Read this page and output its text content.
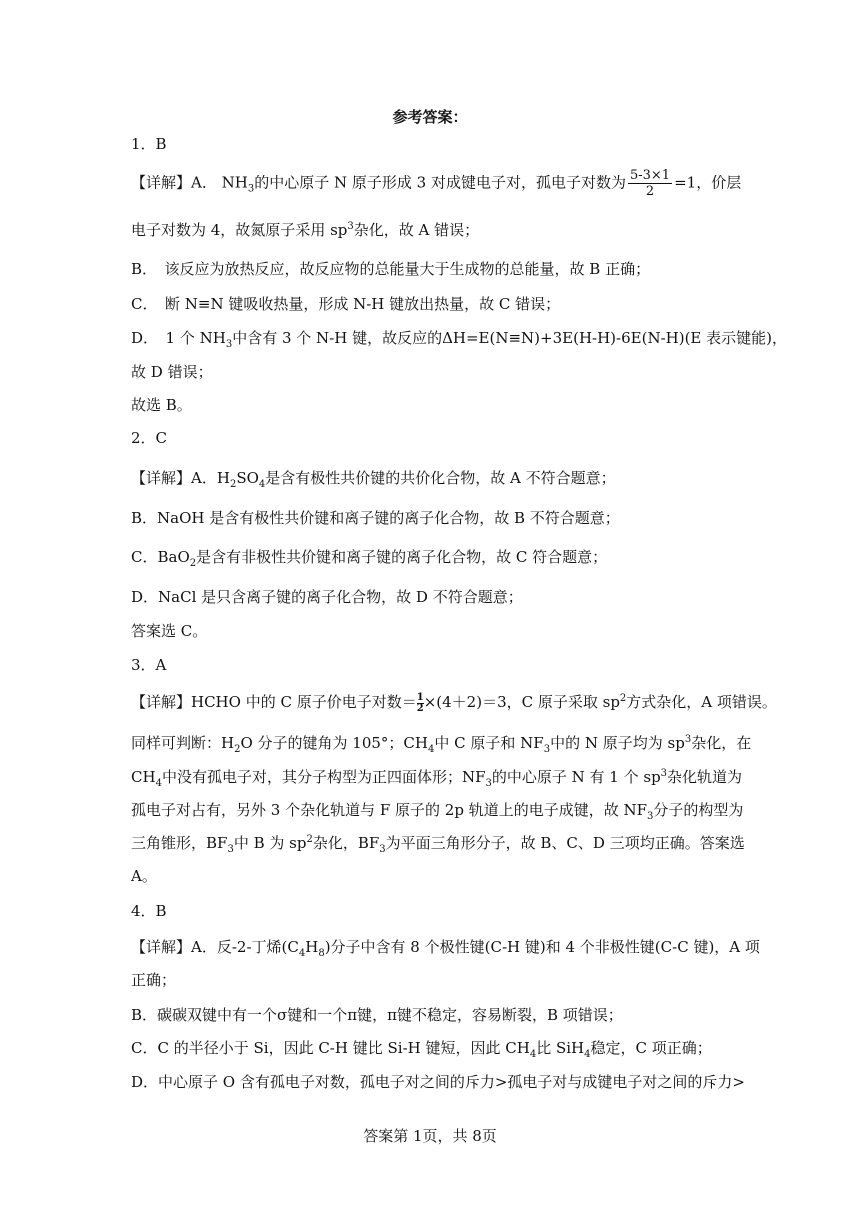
参考答案：
1．B
【详解】A． $NH_3$的中心原子 N 原子形成 3 对成键电子对，孤电子对数为 $\frac{5-3\times 1}{2} =1$，价层
电子对数为 4，故氮原子采用 $sp^3$杂化，故 A 错误；
B．　该反应为放热反应，故反应物的总能量大于生成物的总能量，故 B 正确；
C．　断 N≡N 键吸收热量，形成 N-H 键放出热量，故 C 错误；
D．　1 个 $NH_3$中含有 3 个 N-H 键，故反应的ΔH=E(N≡N)+3E(H-H)-6E(N-H)(E 表示键能)，
故 D 错误；
故选 B。
2．C
【详解】A．$H_2SO_4$是含有极性共价键的共价化合物，故 A 不符合题意；
B．NaOH 是含有极性共价键和离子键的离子化合物，故 B 不符合题意；
C．BaO$_2$是含有非极性共价键和离子键的离子化合物，故 C 符合题意；
D．NaCl 是只含离子键的离子化合物，故 D 不符合题意；
答案选 C。
3．A
【详解】HCHO 中的 C 原子价电子对数＝ $\frac{1}{2}\times(4+2)=3$，C 原子采取 $sp^2$方式杂化，A 项错误。
同样可判断：$H_2O$ 分子的键角为 105°；$CH_4$中 C 原子和 $NF_3$中的 N 原子均为 $sp^3$杂化，在
$CH_4$中没有孤电子对，其分子构型为正四面体形；$NF_3$的中心原子 N 有 1 个 $sp^3$杂化轨道为
孤电子对占有，另外 3 个杂化轨道与 F 原子的 2p 轨道上的电子成键，故 $NF_3$分子的构型为
三角锥形，$BF_3$中 B 为 $sp^2$杂化，$BF_3$为平面三角形分子，故 B、C、D 三项均正确。答案选
A。
4．B
【详解】A．反-2-丁烯$(C_4H_8)$分子中含有 8 个极性键(C-H 键)和 4 个非极性键(C-C 键)，A 项
正确；
B．碳碳双键中有一个σ键和一个π键，π键不稳定，容易断裂，B 项错误；
C．C 的半径小于 Si，因此 C-H 键比 Si-H 键短，因此 $CH_4$比 SiH$_4$稳定，C 项正确；
D．中心原子 O 含有孤电子对数，孤电子对之间的斥力>孤电子对与成键电子对之间的斥力>
答案第 1页，共 8页
